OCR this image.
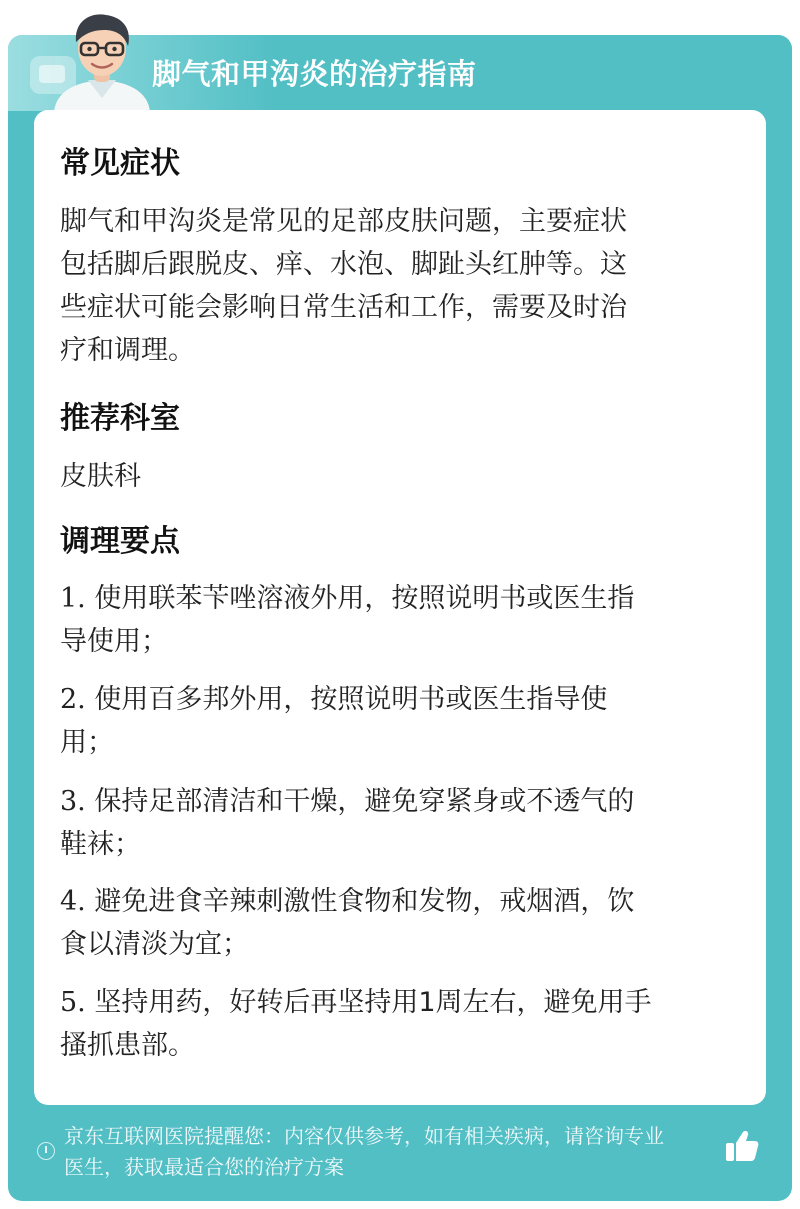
脚气和甲沟炎的治疗指南
常见症状
脚气和甲沟炎是常见的足部皮肤问题，主要症状
包括脚后跟脱皮、痒、水泡、脚趾头红肿等。这
些症状可能会影响日常生活和工作，需要及时治
疗和调理。
推荐科室
皮肤科
调理要点
1. 使用联苯苄唑溶液外用，按照说明书或医生指
导使用；
2. 使用百多邦外用，按照说明书或医生指导使
用；
3. 保持足部清洁和干燥，避免穿紧身或不透气的
鞋袜；
4. 避免进食辛辣刺激性食物和发物，戒烟酒，饮
食以清淡为宜；
5. 坚持用药，好转后再坚持用1周左右，避免用手
搔抓患部。
京东互联网医院提醒您：内容仅供参考，如有相关疾病，请咨询专业
医生，获取最适合您的治疗方案
